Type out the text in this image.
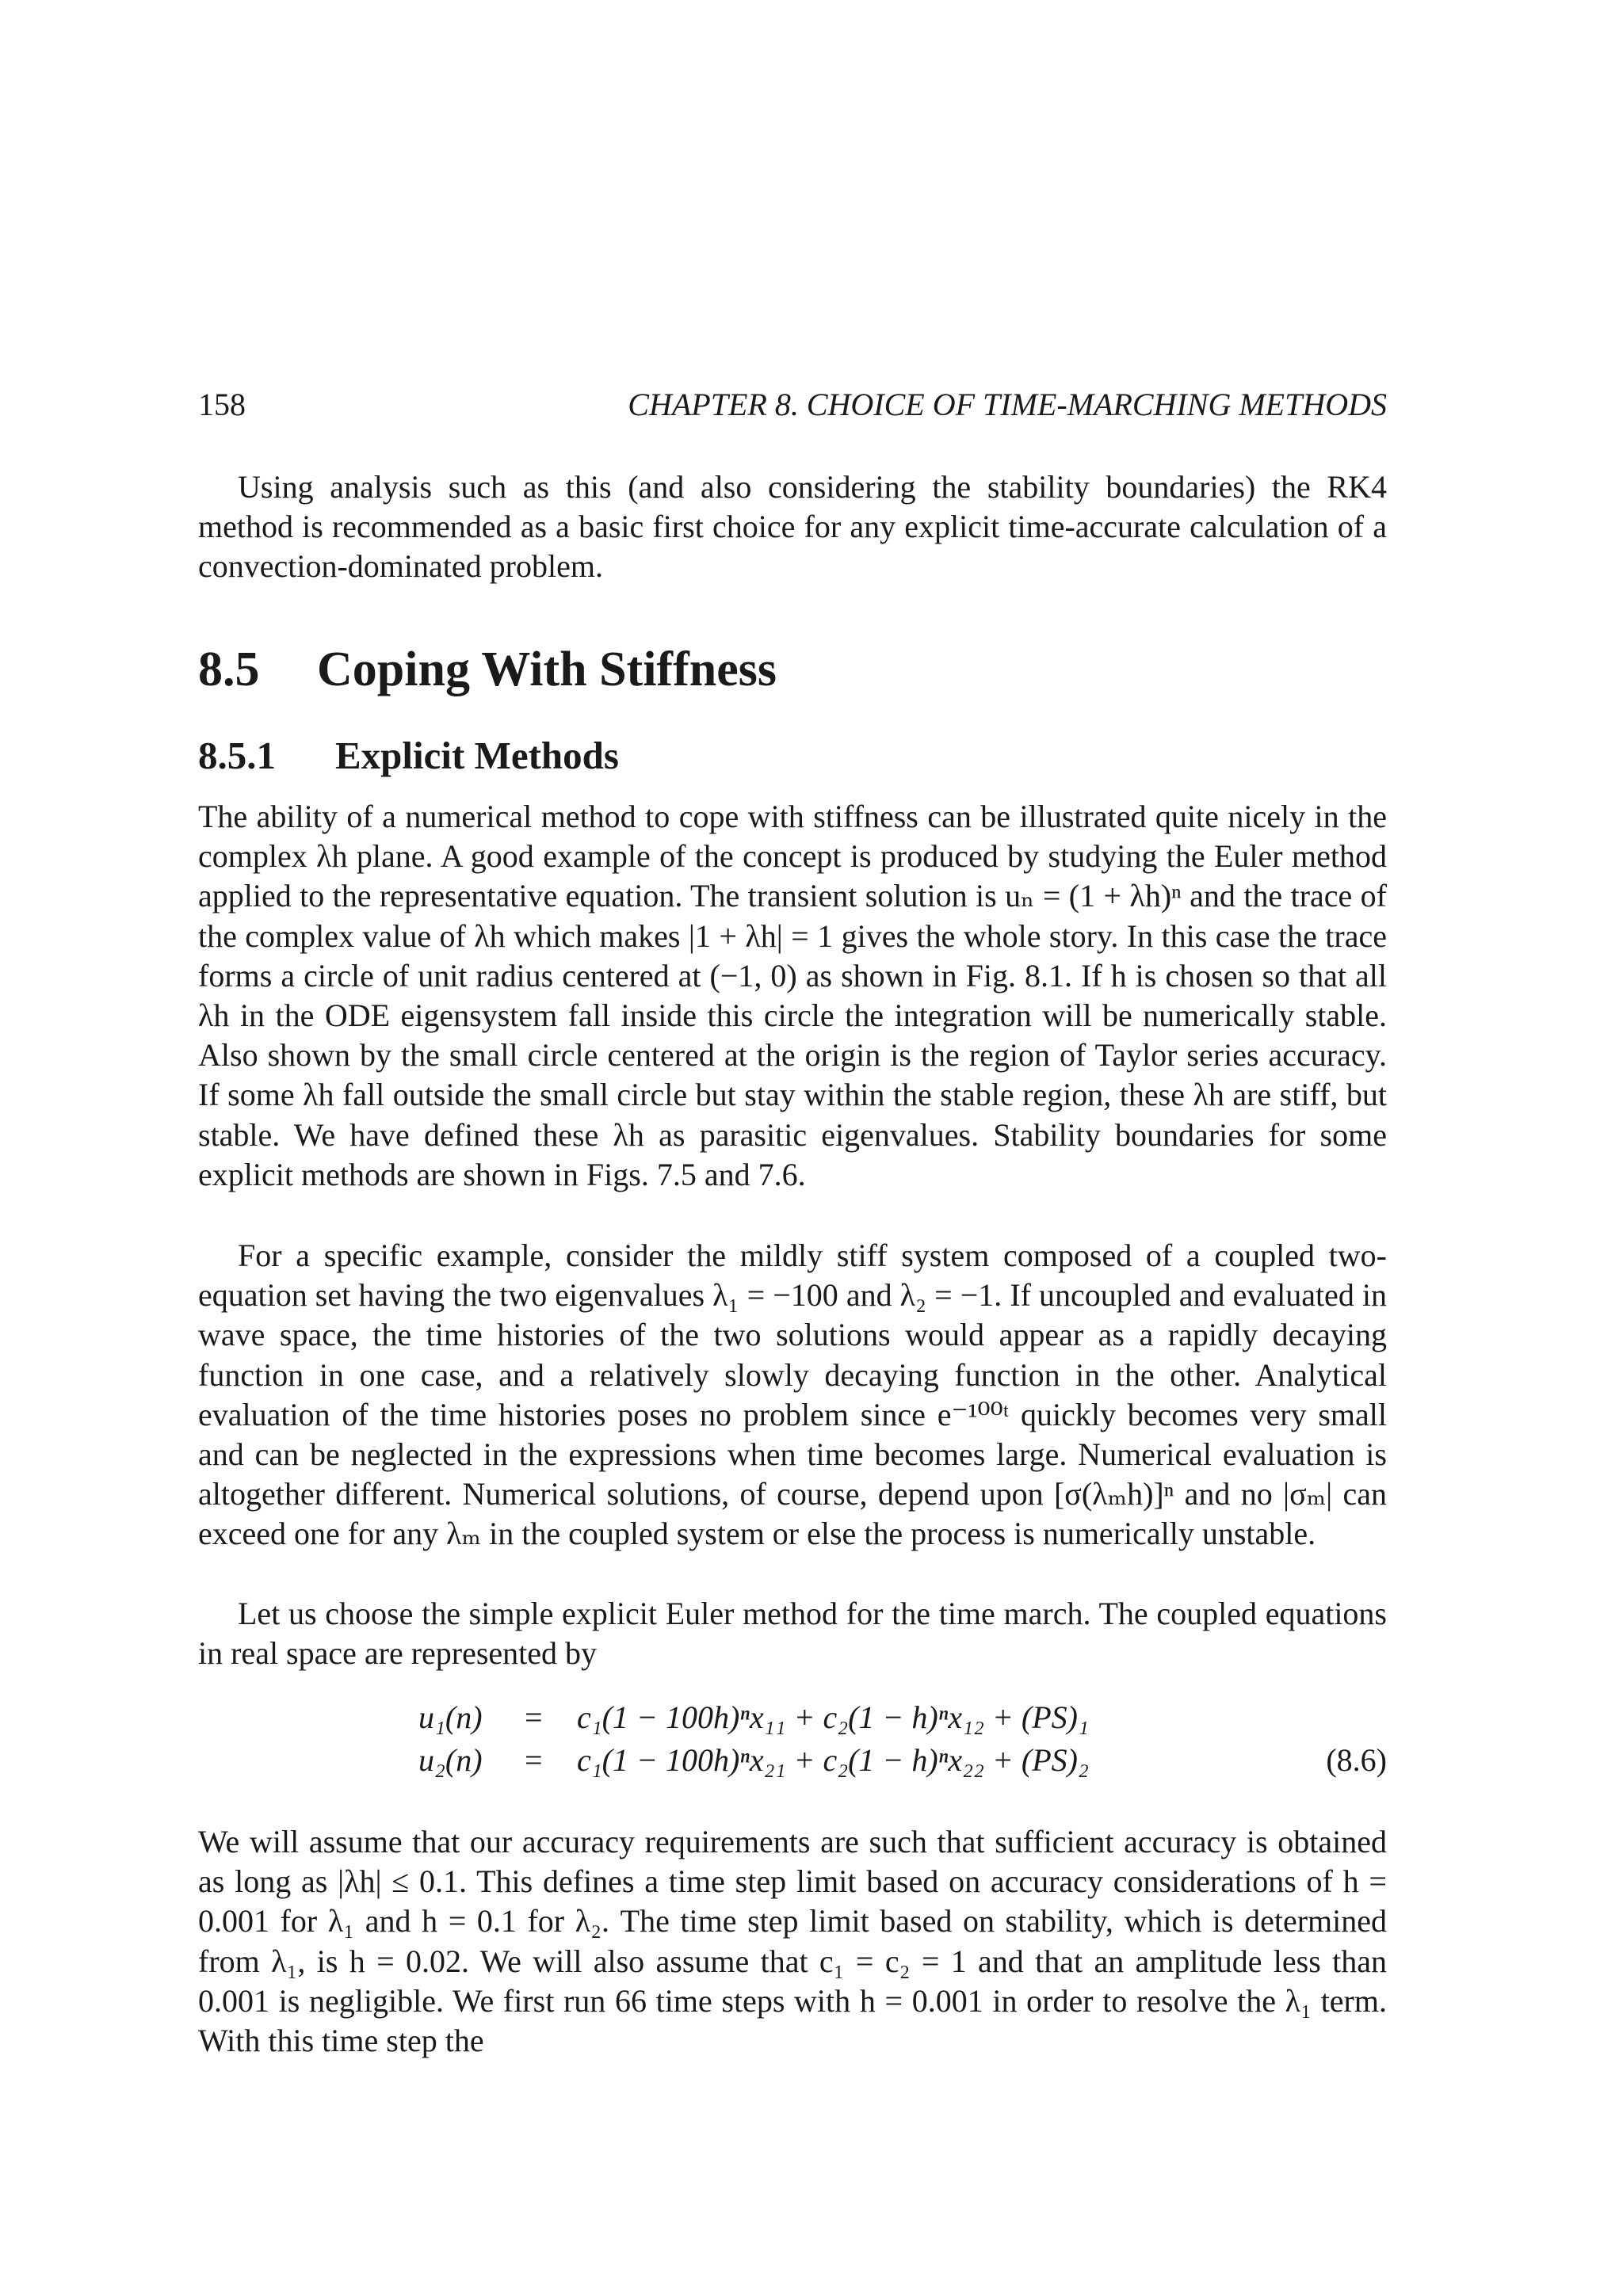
158	CHAPTER 8. CHOICE OF TIME-MARCHING METHODS

Using analysis such as this (and also considering the stability boundaries) the RK4 method is recommended as a basic first choice for any explicit time-accurate calculation of a convection-dominated problem.

8.5 Coping With Stiffness
8.5.1 Explicit Methods

The ability of a numerical method to cope with stiffness can be illustrated quite nicely in the complex λh plane. A good example of the concept is produced by studying the Euler method applied to the representative equation. The transient solution is uₙ = (1 + λh)ⁿ and the trace of the complex value of λh which makes |1 + λh| = 1 gives the whole story. In this case the trace forms a circle of unit radius centered at (−1, 0) as shown in Fig. 8.1. If h is chosen so that all λh in the ODE eigensystem fall inside this circle the integration will be numerically stable. Also shown by the small circle centered at the origin is the region of Taylor series accuracy. If some λh fall outside the small circle but stay within the stable region, these λh are stiff, but stable. We have defined these λh as parasitic eigenvalues. Stability boundaries for some explicit methods are shown in Figs. 7.5 and 7.6.

For a specific example, consider the mildly stiff system composed of a coupled two-equation set having the two eigenvalues λ₁ = −100 and λ₂ = −1. If uncoupled and evaluated in wave space, the time histories of the two solutions would appear as a rapidly decaying function in one case, and a relatively slowly decaying function in the other. Analytical evaluation of the time histories poses no problem since e⁻¹⁰⁰ᵗ quickly becomes very small and can be neglected in the expressions when time becomes large. Numerical evaluation is altogether different. Numerical solutions, of course, depend upon [σ(λₘh)]ⁿ and no |σₘ| can exceed one for any λₘ in the coupled system or else the process is numerically unstable.

Let us choose the simple explicit Euler method for the time march. The coupled equations in real space are represented by

u₁(n)	= c₁(1 − 100h)ⁿx₁₁ + c₂(1 − h)ⁿx₁₂ + (PS)₁
u₂(n)	= c₁(1 − 100h)ⁿx₂₁ + c₂(1 − h)ⁿx₂₂ + (PS)₂	(8.6)

We will assume that our accuracy requirements are such that sufficient accuracy is obtained as long as |λh| ≤ 0.1. This defines a time step limit based on accuracy considerations of h = 0.001 for λ₁ and h = 0.1 for λ₂. The time step limit based on stability, which is determined from λ₁, is h = 0.02. We will also assume that c₁ = c₂ = 1 and that an amplitude less than 0.001 is negligible. We first run 66 time steps with h = 0.001 in order to resolve the λ₁ term. With this time step the
